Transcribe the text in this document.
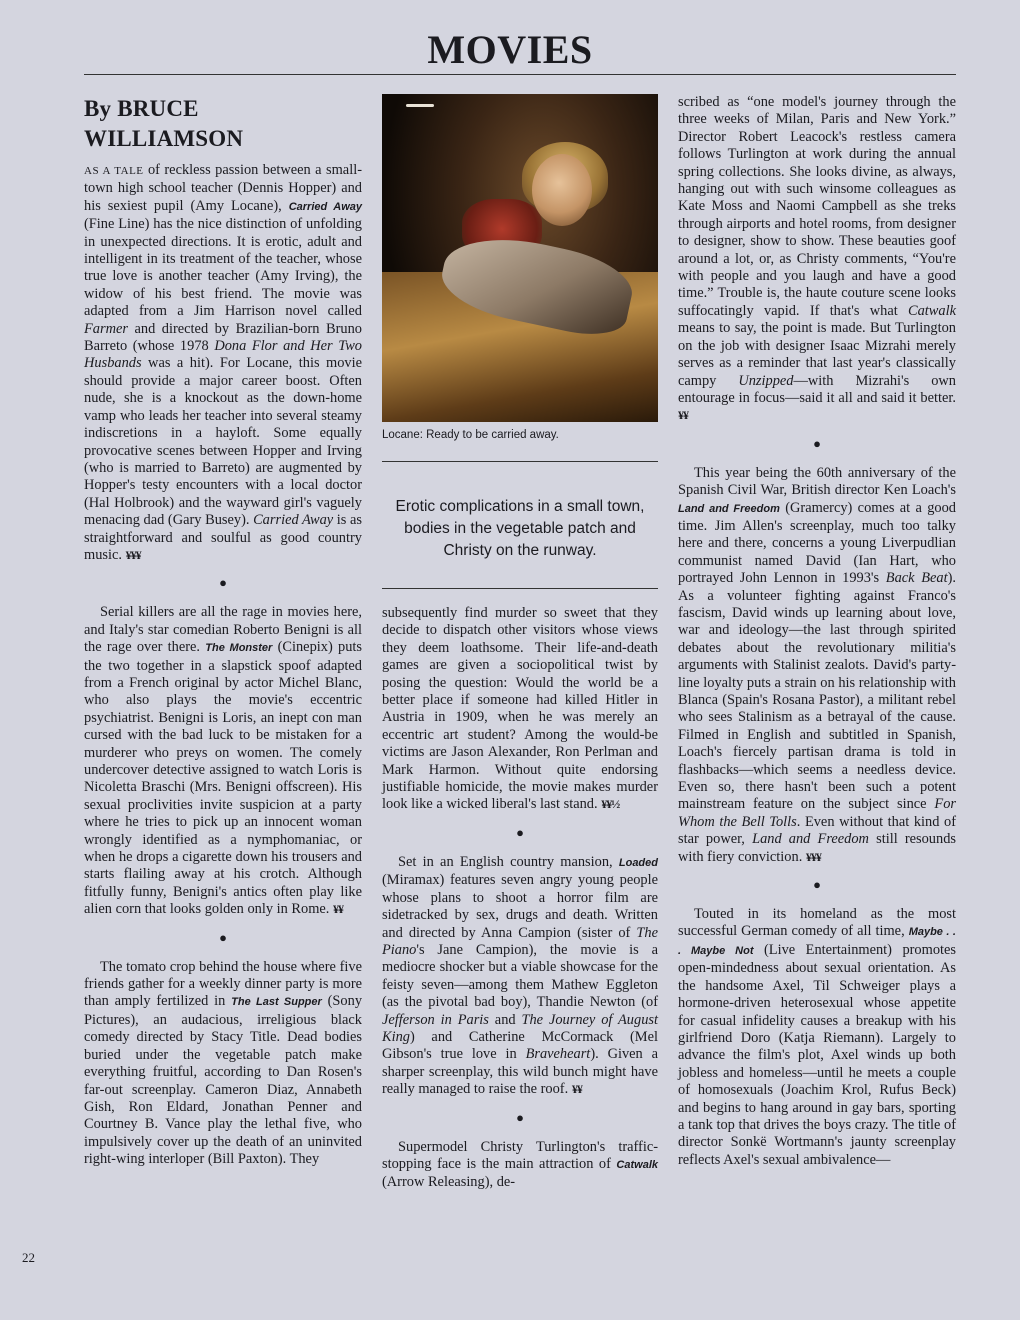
MOVIES
By BRUCE WILLIAMSON

AS A TALE of reckless passion between a small-town high school teacher (Dennis Hopper) and his sexiest pupil (Amy Locane), Carried Away (Fine Line) has the nice distinction of unfolding in unexpected directions. It is erotic, adult and intelligent in its treatment of the teacher, whose true love is another teacher (Amy Irving), the widow of his best friend. The movie was adapted from a Jim Harrison novel called Farmer and directed by Brazilian-born Bruno Barreto (whose 1978 Dona Flor and Her Two Husbands was a hit). For Locane, this movie should provide a major career boost. Often nude, she is a knockout as the down-home vamp who leads her teacher into several steamy indiscretions in a hayloft. Some equally provocative scenes between Hopper and Irving (who is married to Barreto) are augmented by Hopper's testy encounters with a local doctor (Hal Holbrook) and the wayward girl's vaguely menacing dad (Gary Busey). Carried Away is as straightforward and soulful as good country music. ¥¥¥

●

Serial killers are all the rage in movies here, and Italy's star comedian Roberto Benigni is all the rage over there. The Monster (Cinepix) puts the two together in a slapstick spoof adapted from a French original by actor Michel Blanc, who also plays the movie's eccentric psychiatrist. Benigni is Loris, an inept con man cursed with the bad luck to be mistaken for a murderer who preys on women. The comely undercover detective assigned to watch Loris is Nicoletta Braschi (Mrs. Benigni offscreen). His sexual proclivities invite suspicion at a party where he tries to pick up an innocent woman wrongly identified as a nymphomaniac, or when he drops a cigarette down his trousers and starts flailing away at his crotch. Although fitfully funny, Benigni's antics often play like alien corn that looks golden only in Rome. ¥¥

●

The tomato crop behind the house where five friends gather for a weekly dinner party is more than amply fertilized in The Last Supper (Sony Pictures), an audacious, irreligious black comedy directed by Stacy Title. Dead bodies buried under the vegetable patch make everything fruitful, according to Dan Rosen's far-out screenplay. Cameron Diaz, Annabeth Gish, Ron Eldard, Jonathan Penner and Courtney B. Vance play the lethal five, who impulsively cover up the death of an uninvited right-wing interloper (Bill Paxton). They

22
Locane: Ready to be carried away.
Erotic complications in a small town, bodies in the vegetable patch and Christy on the runway.

subsequently find murder so sweet that they decide to dispatch other visitors whose views they deem loathsome. Their life-and-death games are given a sociopolitical twist by posing the question: Would the world be a better place if someone had killed Hitler in Austria in 1909, when he was merely an eccentric art student? Among the would-be victims are Jason Alexander, Ron Perlman and Mark Harmon. Without quite endorsing justifiable homicide, the movie makes murder look like a wicked liberal's last stand. ¥¥½

●

Set in an English country mansion, Loaded (Miramax) features seven angry young people whose plans to shoot a horror film are sidetracked by sex, drugs and death. Written and directed by Anna Campion (sister of The Piano's Jane Campion), the movie is a mediocre shocker but a viable showcase for the feisty seven—among them Mathew Eggleton (as the pivotal bad boy), Thandie Newton (of Jefferson in Paris and The Journey of August King) and Catherine McCormack (Mel Gibson's true love in Braveheart). Given a sharper screenplay, this wild bunch might have really managed to raise the roof. ¥¥

●

Supermodel Christy Turlington's traffic-stopping face is the main attraction of Catwalk (Arrow Releasing), de-

scribed as “one model's journey through the three weeks of Milan, Paris and New York.” Director Robert Leacock's restless camera follows Turlington at work during the annual spring collections. She looks divine, as always, hanging out with such winsome colleagues as Kate Moss and Naomi Campbell as she treks through airports and hotel rooms, from designer to designer, show to show. These beauties goof around a lot, or, as Christy comments, “You're with people and you laugh and have a good time.” Trouble is, the haute couture scene looks suffocatingly vapid. If that's what Catwalk means to say, the point is made. But Turlington on the job with designer Isaac Mizrahi merely serves as a reminder that last year's classically campy Unzipped—with Mizrahi's own entourage in focus—said it all and said it better. ¥¥

●

This year being the 60th anniversary of the Spanish Civil War, British director Ken Loach's Land and Freedom (Gramercy) comes at a good time. Jim Allen's screenplay, much too talky here and there, concerns a young Liverpudlian communist named David (Ian Hart, who portrayed John Lennon in 1993's Back Beat). As a volunteer fighting against Franco's fascism, David winds up learning about love, war and ideology—the last through spirited debates about the revolutionary militia's arguments with Stalinist zealots. David's party-line loyalty puts a strain on his relationship with Blanca (Spain's Rosana Pastor), a militant rebel who sees Stalinism as a betrayal of the cause. Filmed in English and subtitled in Spanish, Loach's fiercely partisan drama is told in flashbacks—which seems a needless device. Even so, there hasn't been such a potent mainstream feature on the subject since For Whom the Bell Tolls. Even without that kind of star power, Land and Freedom still resounds with fiery conviction. ¥¥¥

●

Touted in its homeland as the most successful German comedy of all time, Maybe . . . Maybe Not (Live Entertainment) promotes open-mindedness about sexual orientation. As the handsome Axel, Til Schweiger plays a hormone-driven heterosexual whose appetite for casual infidelity causes a breakup with his girlfriend Doro (Katja Riemann). Largely to advance the film's plot, Axel winds up both jobless and homeless—until he meets a couple of homosexuals (Joachim Krol, Rufus Beck) and begins to hang around in gay bars, sporting a tank top that drives the boys crazy. The title of director Sonkë Wortmann's jaunty screenplay reflects Axel's sexual ambivalence—
